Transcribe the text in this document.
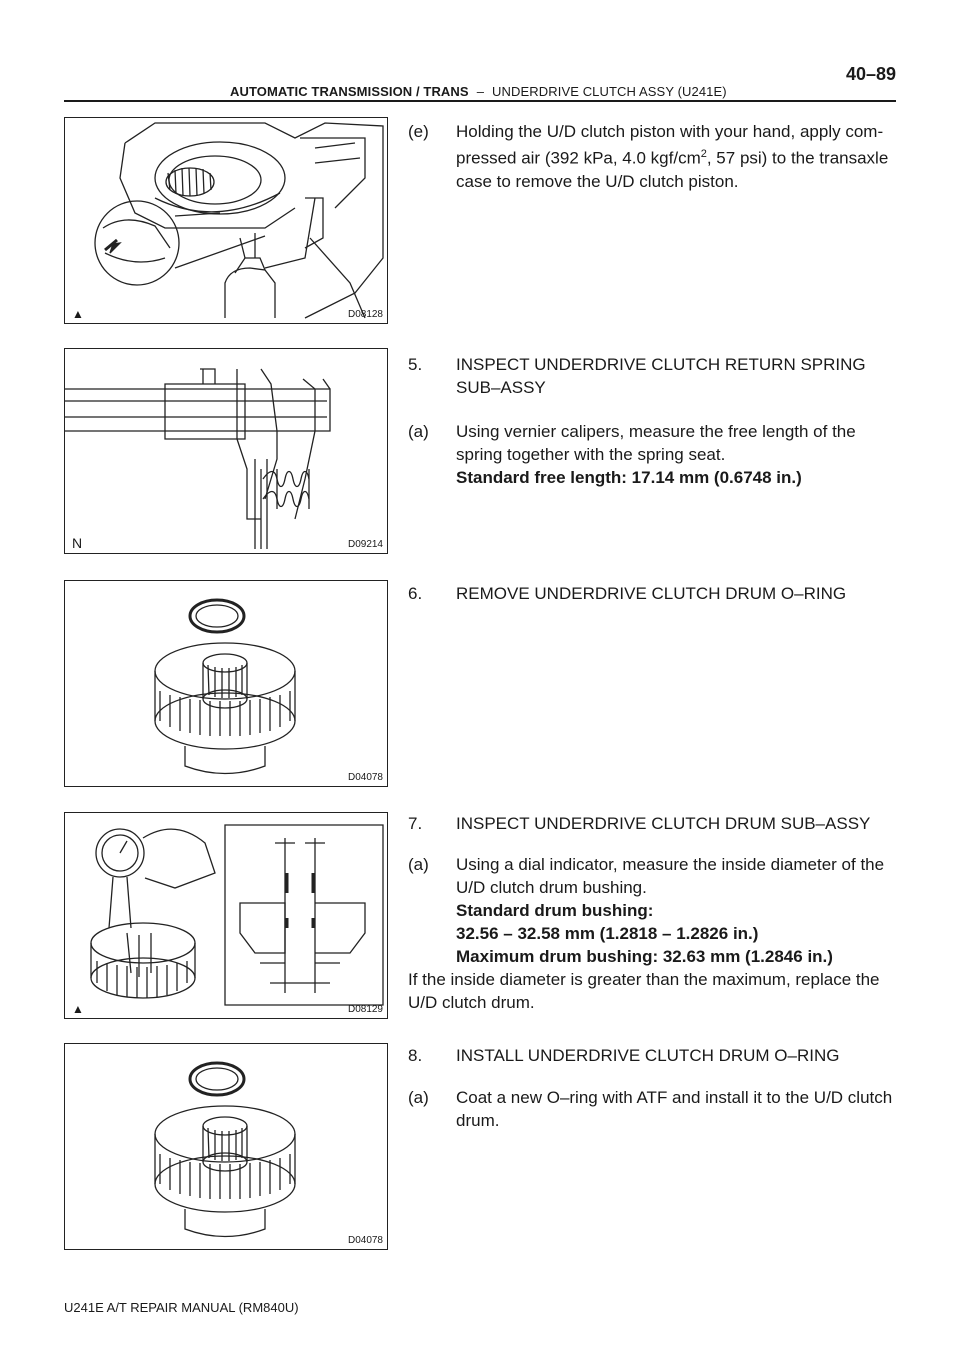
AUTOMATIC TRANSMISSION / TRANS – UNDERDRIVE CLUTCH ASSY (U241E)
40–89
▲	D08128
N	D09214
D04078
▲	D08129
D04078
(e)	Holding the U/D clutch piston with your hand, apply com-
pressed air (392 kPa, 4.0 kgf/$cm^2$, 57 psi) to the transaxle
case to remove the U/D clutch piston.
5.	INSPECT UNDERDRIVE CLUTCH RETURN SPRING
SUB–ASSY
(a)	Using vernier calipers, measure the free length of the
spring together with the spring seat.
Standard free length: 17.14 mm (0.6748 in.)
6.	REMOVE UNDERDRIVE CLUTCH DRUM O–RING
7.	INSPECT UNDERDRIVE CLUTCH DRUM SUB–ASSY
(a)	Using a dial indicator, measure the inside diameter of the
U/D clutch drum bushing.
Standard drum bushing:
32.56 – 32.58 mm (1.2818 – 1.2826 in.)
Maximum drum bushing: 32.63 mm (1.2846 in.)
If the inside diameter is greater than the maximum, replace the
U/D clutch drum.
8.	INSTALL UNDERDRIVE CLUTCH DRUM O–RING
(a)	Coat a new O–ring with ATF and install it to the U/D clutch
drum.
U241E A/T REPAIR MANUAL (RM840U)
